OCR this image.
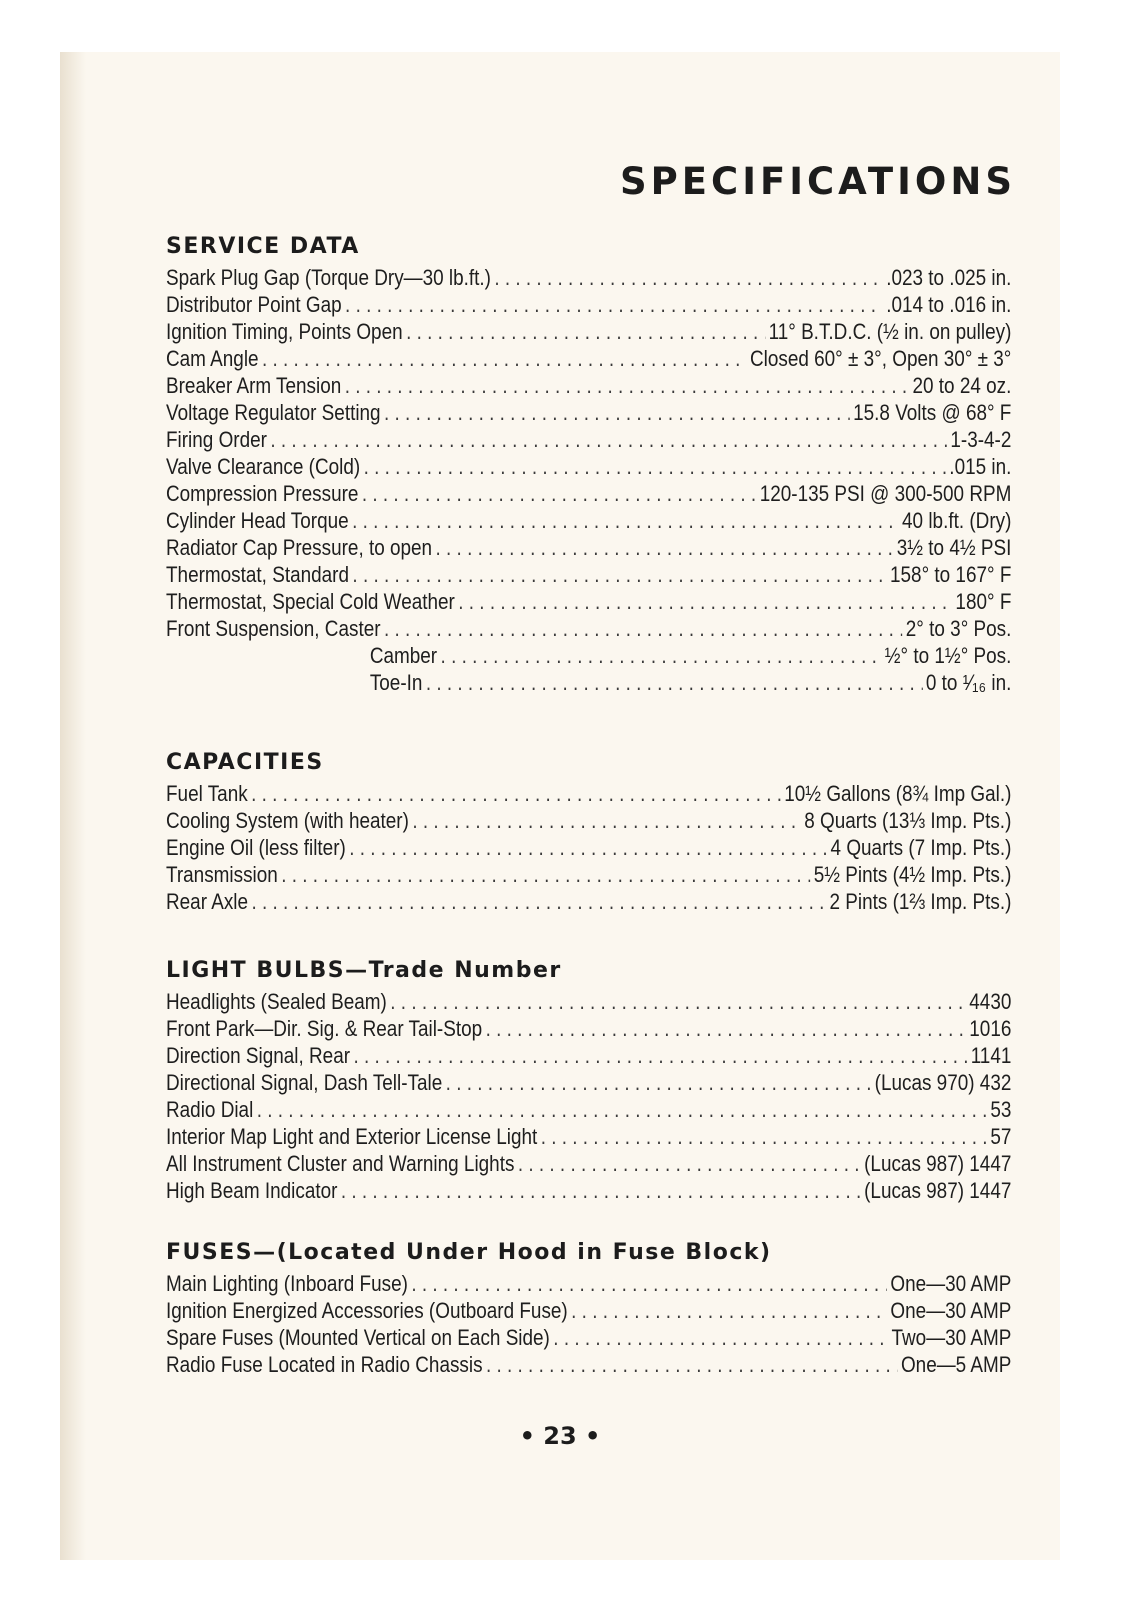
SPECIFICATIONS
SERVICE DATA
Spark Plug Gap (Torque Dry—30 lb.ft.) . . .	.023 to .025 in.
Distributor Point Gap . . .	.014 to .016 in.
Ignition Timing, Points Open . . .	11° B.T.D.C. (½ in. on pulley)
Cam Angle . . .	Closed 60° ± 3°, Open 30° ± 3°
Breaker Arm Tension . . .	20 to 24 oz.
Voltage Regulator Setting . . .	15.8 Volts @ 68° F
Firing Order . . .	1-3-4-2
Valve Clearance (Cold) . . .	.015 in.
Compression Pressure . . .	120-135 PSI @ 300-500 RPM
Cylinder Head Torque . . .	40 lb.ft. (Dry)
Radiator Cap Pressure, to open . . .	3½ to 4½ PSI
Thermostat, Standard . . .	158° to 167° F
Thermostat, Special Cold Weather . . .	180° F
Front Suspension, Caster . . .	2° to 3° Pos.
Camber . . .	½° to 1½° Pos.
Toe-In . . .	0 to ¹⁄₁₆ in.
CAPACITIES
Fuel Tank . . .	10½ Gallons (8¾ Imp Gal.)
Cooling System (with heater) . . .	8 Quarts (13⅓ Imp. Pts.)
Engine Oil (less filter) . . .	4 Quarts (7 Imp. Pts.)
Transmission . . .	5½ Pints (4½ Imp. Pts.)
Rear Axle . . .	2 Pints (1⅔ Imp. Pts.)
LIGHT BULBS—Trade Number
Headlights (Sealed Beam) . . .	4430
Front Park—Dir. Sig. & Rear Tail-Stop . . .	1016
Direction Signal, Rear . . .	1141
Directional Signal, Dash Tell-Tale . . .	(Lucas 970) 432
Radio Dial . . .	53
Interior Map Light and Exterior License Light . . .	57
All Instrument Cluster and Warning Lights . . .	(Lucas 987) 1447
High Beam Indicator . . .	(Lucas 987) 1447
FUSES—(Located Under Hood in Fuse Block)
Main Lighting (Inboard Fuse) . . .	One—30 AMP
Ignition Energized Accessories (Outboard Fuse) . . .	One—30 AMP
Spare Fuses (Mounted Vertical on Each Side) . . .	Two—30 AMP
Radio Fuse Located in Radio Chassis . . .	One—5 AMP
• 23 •
